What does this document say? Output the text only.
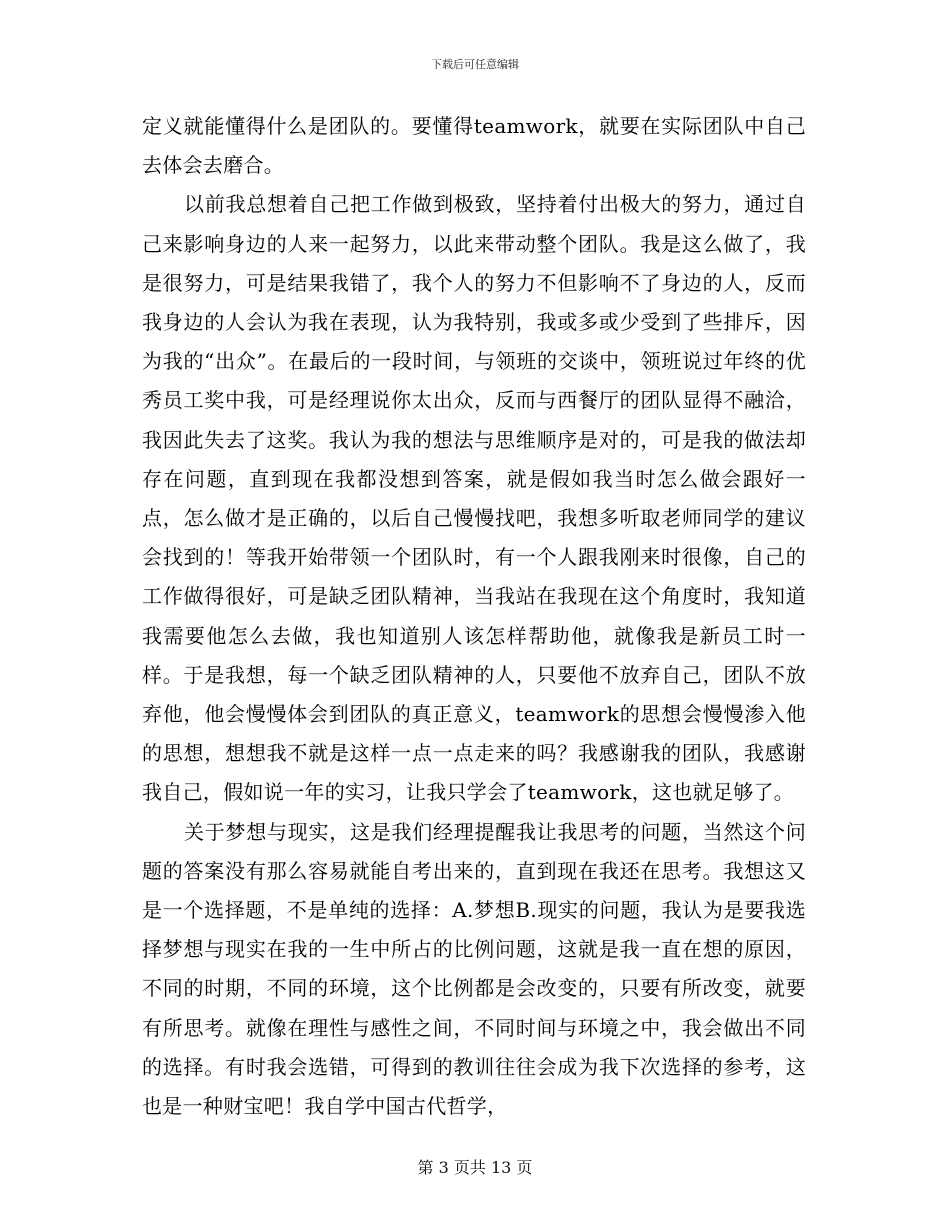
下载后可任意编辑

定义就能懂得什么是团队的。要懂得teamwork，就要在实际团队中自己去体会去磨合。

以前我总想着自己把工作做到极致，坚持着付出极大的努力，通过自己来影响身边的人来一起努力，以此来带动整个团队。我是这么做了，我是很努力，可是结果我错了，我个人的努力不但影响不了身边的人，反而我身边的人会认为我在表现，认为我特别，我或多或少受到了些排斥，因为我的“出众”。在最后的一段时间，与领班的交谈中，领班说过年终的优秀员工奖中我，可是经理说你太出众，反而与西餐厅的团队显得不融洽，我因此失去了这奖。我认为我的想法与思维顺序是对的，可是我的做法却存在问题，直到现在我都没想到答案，就是假如我当时怎么做会跟好一点，怎么做才是正确的，以后自己慢慢找吧，我想多听取老师同学的建议会找到的！等我开始带领一个团队时，有一个人跟我刚来时很像，自己的工作做得很好，可是缺乏团队精神，当我站在我现在这个角度时，我知道我需要他怎么去做，我也知道别人该怎样帮助他，就像我是新员工时一样。于是我想，每一个缺乏团队精神的人，只要他不放弃自己，团队不放弃他，他会慢慢体会到团队的真正意义，teamwork的思想会慢慢渗入他的思想，想想我不就是这样一点一点走来的吗？我感谢我的团队，我感谢我自己，假如说一年的实习，让我只学会了teamwork，这也就足够了。

关于梦想与现实，这是我们经理提醒我让我思考的问题，当然这个问题的答案没有那么容易就能自考出来的，直到现在我还在思考。我想这又是一个选择题，不是单纯的选择：A.梦想B.现实的问题，我认为是要我选择梦想与现实在我的一生中所占的比例问题，这就是我一直在想的原因，不同的时期，不同的环境，这个比例都是会改变的，只要有所改变，就要有所思考。就像在理性与感性之间，不同时间与环境之中，我会做出不同的选择。有时我会选错，可得到的教训往往会成为我下次选择的参考，这也是一种财宝吧！我自学中国古代哲学，

第 3 页共 13 页
